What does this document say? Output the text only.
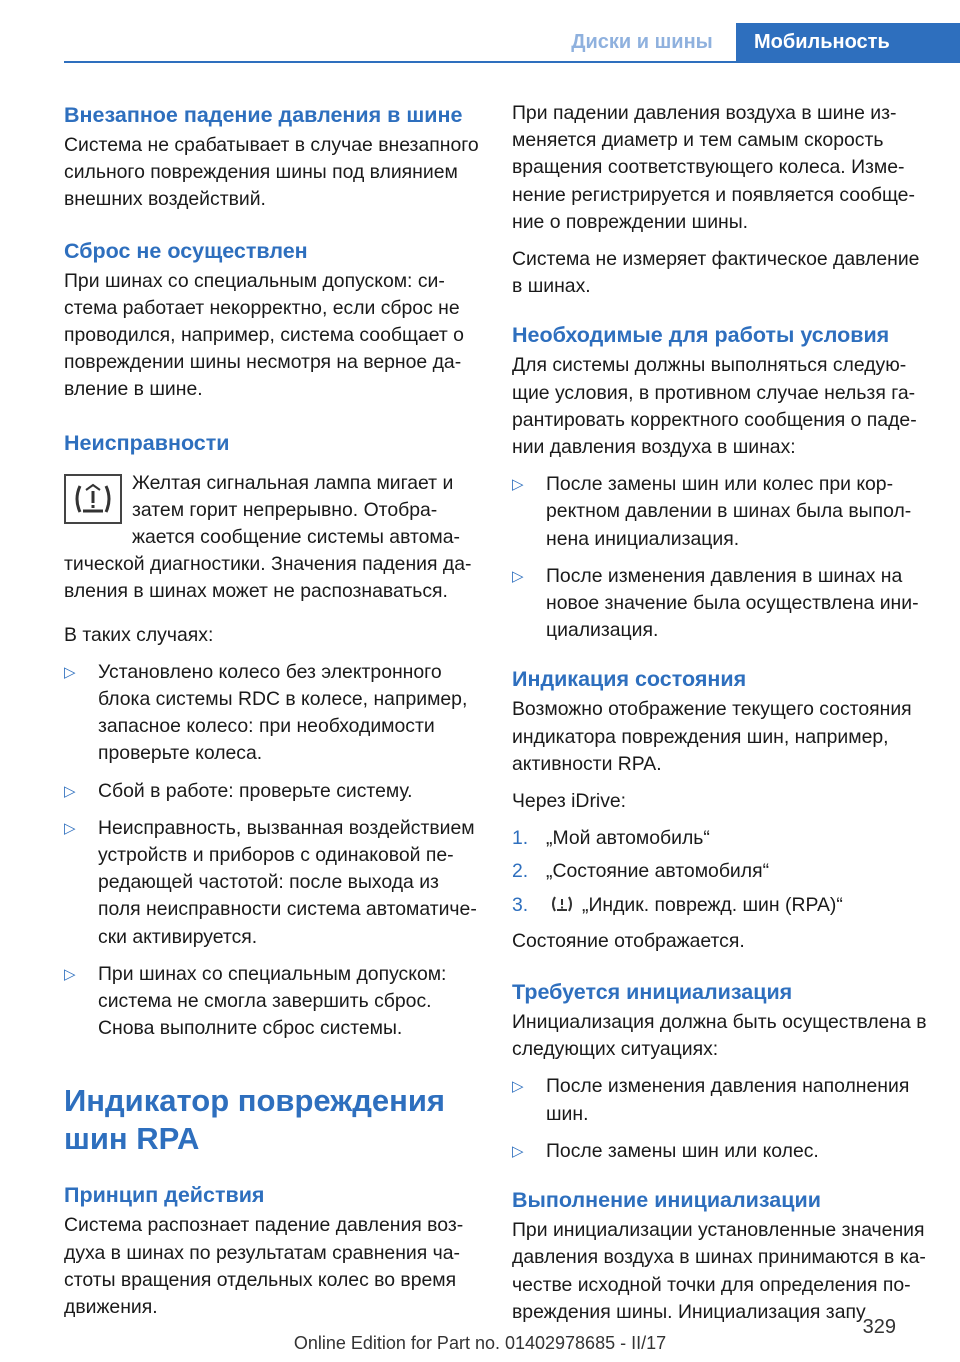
Диски и шины	Мобильность
Внезапное падение давления в шине

Система не срабатывает в случае внезапного сильного повреждения шины под влиянием внешних воздействий.

Сброс не осуществлен

При шинах со специальным допуском: система работает некорректно, если сброс не проводился, например, система сообщает о повреждении шины несмотря на верное давление в шине.

Неисправности

Желтая сигнальная лампа мигает и затем горит непрерывно. Отображается сообщение системы автоматической диагностики. Значения падения давления в шинах может не распознаваться.

В таких случаях:

▷ Установлено колесо без электронного блока системы RDC в колесе, например, запасное колесо: при необходимости проверьте колеса.
▷ Сбой в работе: проверьте систему.
▷ Неисправность, вызванная воздействием устройств и приборов с одинаковой передающей частотой: после выхода из поля неисправности система автоматически активируется.
▷ При шинах со специальным допуском: система не смогла завершить сброс. Снова выполните сброс системы.
Индикатор повреждения шин RPA
Принцип действия

Система распознает падение давления воздуха в шинах по результатам сравнения частоты вращения отдельных колес во время движения.

При падении давления воздуха в шине изменяется диаметр и тем самым скорость вращения соответствующего колеса. Изменение регистрируется и появляется сообщение о повреждении шины.

Система не измеряет фактическое давление в шинах.

Необходимые для работы условия

Для системы должны выполняться следующие условия, в противном случае нельзя гарантировать корректного сообщения о падении давления воздуха в шинах:

▷ После замены шин или колес при корректном давлении в шинах была выполнена инициализация.
▷ После изменения давления в шинах на новое значение была осуществлена инициализация.
Индикация состояния

Возможно отображение текущего состояния индикатора повреждения шин, например, активности RPA.

Через iDrive:

1. „Мой автомобиль“
2. „Состояние автомобиля“
3.	„Индик. поврежд. шин (RPA)“

Состояние отображается.

Требуется инициализация

Инициализация должна быть осуществлена в следующих ситуациях:

▷ После изменения давления наполнения шин.
▷ После замены шин или колес.
Выполнение инициализации

При инициализации установленные значения давления воздуха в шинах принимаются в качестве исходной точки для определения повреждения шины. Инициализация запу

329
Online Edition for Part no. 01402978685 - II/17
